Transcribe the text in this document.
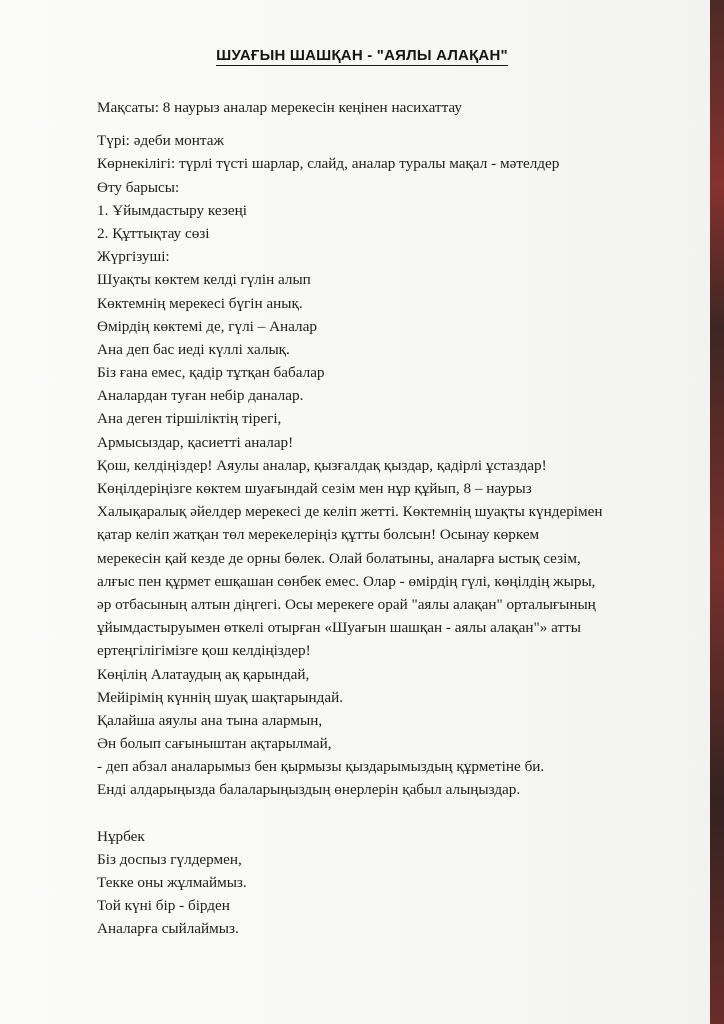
ШУАҒЫН ШАШҚАН - "АЯЛЫ АЛАҚАН"
Мақсаты: 8 наурыз аналар мерекесін кеңінен насихаттау
Түрі: әдеби монтаж
Көрнекілігі: түрлі түсті шарлар, слайд, аналар туралы мақал - мәтелдер
Өту барысы:
1. Ұйымдастыру кезеңі
2. Құттықтау сөзі
Жүргізуші:
Шуақты көктем келді гүлін алып
Көктемнің мерекесі бүгін анық.
Өмірдің көктемі де, гүлі – Аналар
Ана деп бас иеді күллі халық.
Біз ғана емес, қадір тұтқан бабалар
Аналардан туған небір даналар.
Ана деген тіршіліктің тірегі,
Армысыздар, қасиетті аналар!
Қош, келдіңіздер! Аяулы аналар, қызғалдақ қыздар, қадірлі ұстаздар!
Көңілдеріңізге көктем шуағындай сезім мен нұр құйып, 8 – наурыз
Халықаралық әйелдер мерекесі де келіп жетті. Көктемнің шуақты күндерімен
қатар келіп жатқан төл мерекелеріңіз құтты болсын! Осынау көркем
мерекесін қай кезде де орны бөлек. Олай болатыны, аналарға ыстық сезім,
алғыс пен құрмет ешқашан сөнбек емес. Олар - өмірдің гүлі, көңілдің жыры,
әр отбасының алтын діңгегі. Осы мерекеге орай "аялы алақан" орталығының
ұйымдастыруымен өткелі отырған «Шуағын шашқан - аялы алақан"» атты
ертеңгілігімізге қош келдіңіздер!
Көңілің Алатаудың ақ қарындай,
Мейірімің күннің шуақ шақтарындай.
Қалайша аяулы ана тына алармын,
Ән болып сағыныштан ақтарылмай,
- деп абзал аналарымыз бен қырмызы қыздарымыздың құрметіне би.
Енді алдарыңызда балаларыңыздың өнерлерін қабыл алыңыздар.
Нұрбек
Біз доспыз гүлдермен,
Текке оны жұлмаймыз.
Той күні бір - бірден
Аналарға сыйлаймыз.
